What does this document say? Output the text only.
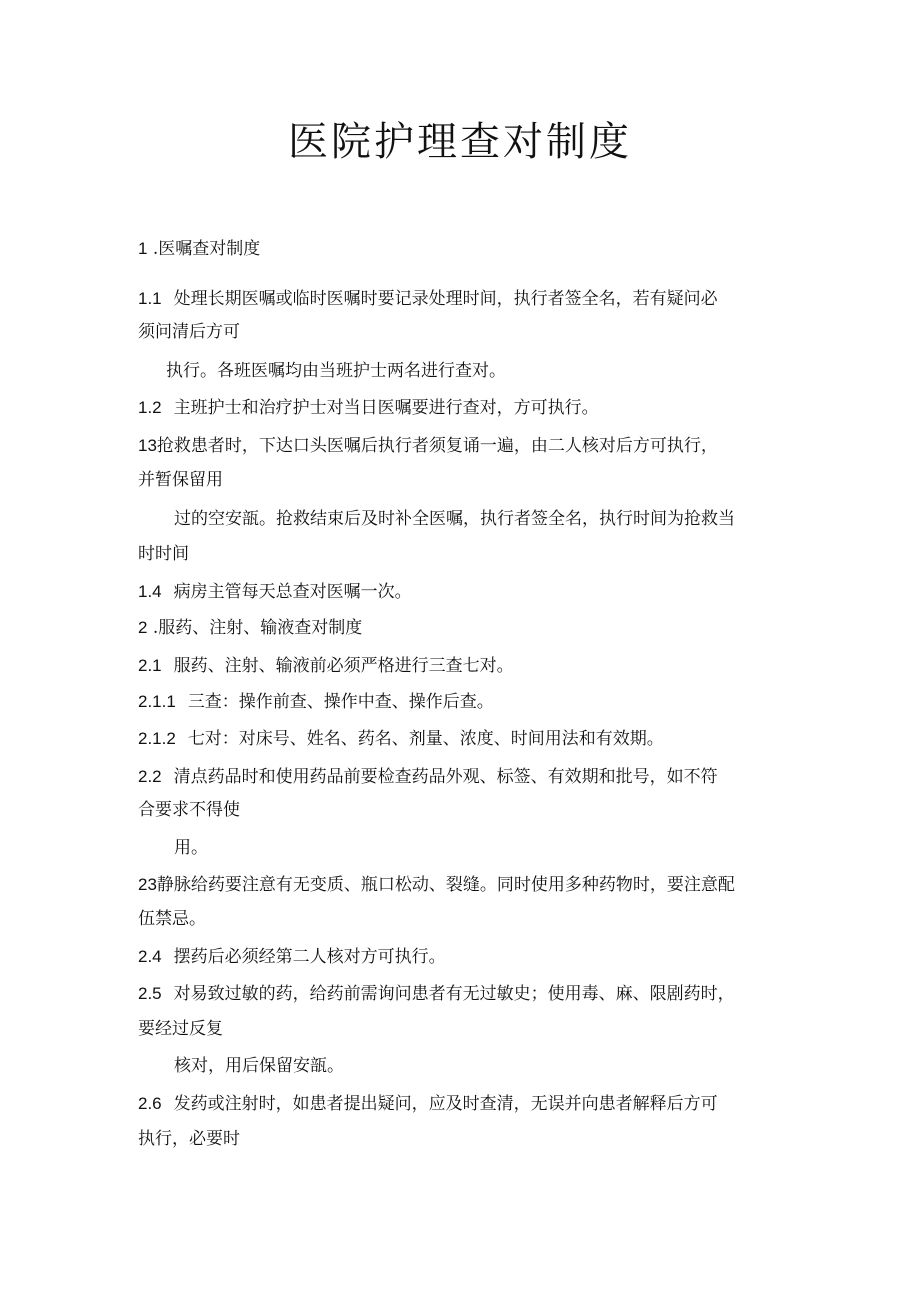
医院护理查对制度
1 .医嘱查对制度
1.1 处理长期医嘱或临时医嘱时要记录处理时间，执行者签全名，若有疑问必
须问清后方可
执行。各班医嘱均由当班护士两名进行查对。
1.2 主班护士和治疗护士对当日医嘱要进行查对，方可执行。
13抢救患者时，下达口头医嘱后执行者须复诵一遍，由二人核对后方可执行，
并暂保留用
过的空安瓿。抢救结束后及时补全医嘱，执行者签全名，执行时间为抢救当
时时间
1.4 病房主管每天总查对医嘱一次。
2 .服药、注射、输液查对制度
2.1 服药、注射、输液前必须严格进行三查七对。
2.1.1 三查：操作前查、操作中查、操作后查。
2.1.2 七对：对床号、姓名、药名、剂量、浓度、时间用法和有效期。
2.2 清点药品时和使用药品前要检查药品外观、标签、有效期和批号，如不符
合要求不得使
用。
23静脉给药要注意有无变质、瓶口松动、裂缝。同时使用多种药物时，要注意配
伍禁忌。
2.4 摆药后必须经第二人核对方可执行。
2.5 对易致过敏的药，给药前需询问患者有无过敏史；使用毒、麻、限剧药时，
要经过反复
核对，用后保留安瓿。
2.6 发药或注射时，如患者提出疑问，应及时查清，无误并向患者解释后方可
执行，必要时
